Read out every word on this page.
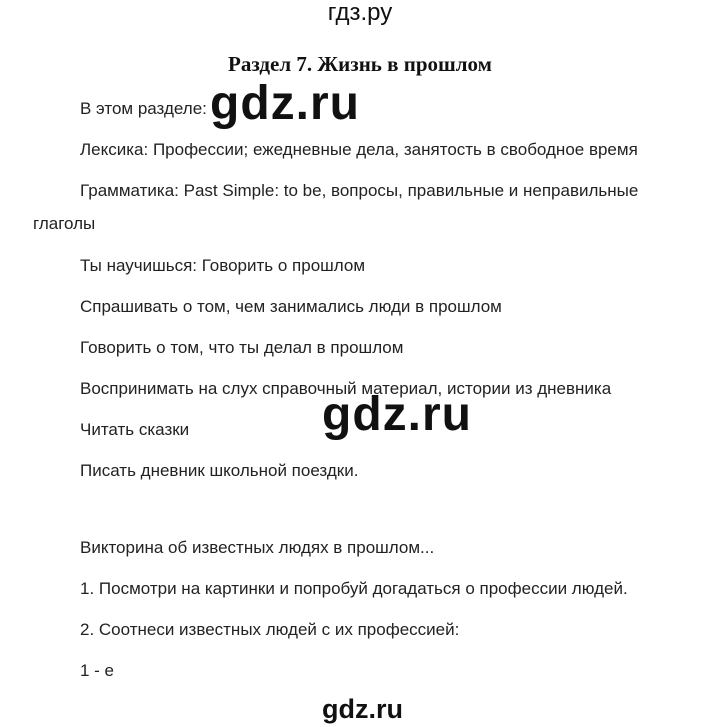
гдз.ру
Раздел 7. Жизнь в прошлом
В этом разделе:
Лексика: Профессии; ежедневные дела, занятость в свободное время
Грамматика: Past Simple: to be, вопросы, правильные и неправильные
глаголы
Ты научишься: Говорить о прошлом
Спрашивать о том, чем занимались люди в прошлом
Говорить о том, что ты делал в прошлом
Воспринимать на слух справочный материал, истории из дневника
Читать сказки
Писать дневник школьной поездки.
Викторина об известных людях в прошлом...
1. Посмотри на картинки и попробуй догадаться о профессии людей.
2. Соотнеси известных людей с их профессией:
1 - e
gdz.ru
gdz.ru
gdz.ru
